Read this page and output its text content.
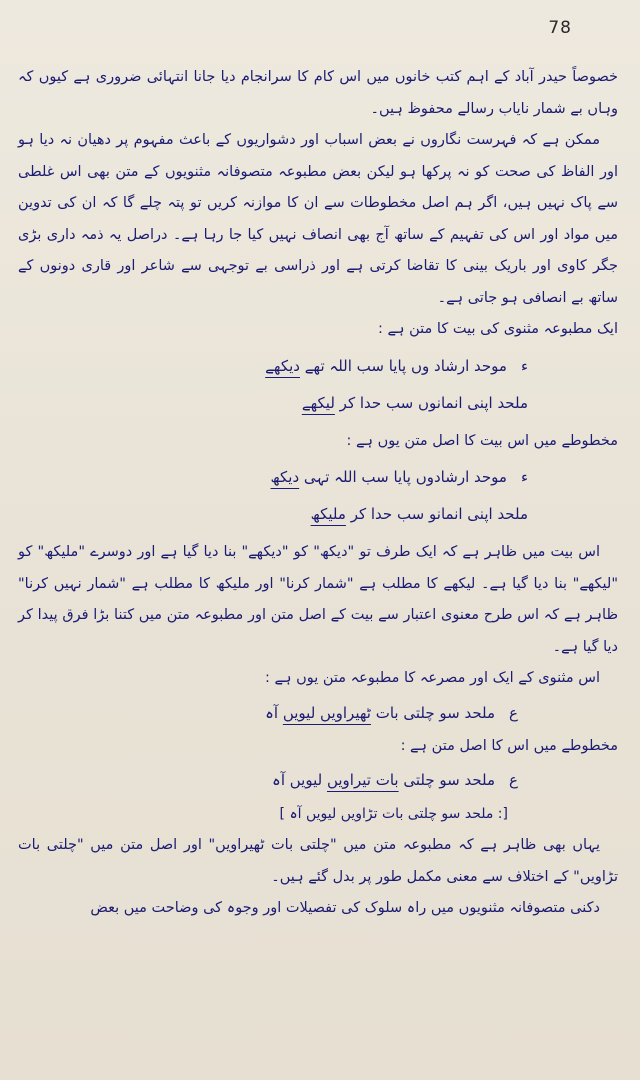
78

خصوصاً حیدر آباد کے اہم کتب خانوں میں اس کام کا سرانجام دیا جانا انتہائی ضروری ہے کیوں کہ وہاں بے شمار نایاب رسالے محفوظ ہیں۔

ممکن ہے کہ فہرست نگاروں نے بعض اسباب اور دشواریوں کے باعث مفہوم پر دھیان نہ دیا ہو اور الفاظ کی صحت کو نہ پرکھا ہو لیکن بعض مطبوعہ متصوفانہ مثنویوں کے متن بھی اس غلطی سے پاک نہیں ہیں، اگر ہم اصل مخطوطات سے ان کا موازنہ کریں تو پتہ چلے گا کہ ان کی تدوین میں مواد اور اس کی تفہیم کے ساتھ آج بھی انصاف نہیں کیا جا رہا ہے۔ دراصل یہ ذمہ داری بڑی جگر کاوی اور باریک بینی کا تقاضا کرتی ہے اور ذراسی بے توجہی سے شاعر اور قاری دونوں کے ساتھ بے انصافی ہو جاتی ہے۔

ایک مطبوعہ مثنوی کی بیت کا متن ہے :

ءموحد ارشاد وں پایا سب اللہ تھے دیکھے

ملحد اپنی انمانوں سب حدا کر لیکھے

مخطوطے میں اس بیت کا اصل متن یوں ہے :

ءموحد ارشادوں پایا سب اللہ تہی دیکھ

ملحد اپنی انمانو سب حدا کر ملیکھ

اس بیت میں ظاہر ہے کہ ایک طرف تو "دیکھ" کو "دیکھے" بنا دیا گیا ہے اور دوسرے "ملیکھ" کو "لیکھے" بنا دیا گیا ہے۔ لیکھے کا مطلب ہے "شمار کرنا" اور ملیکھ کا مطلب ہے "شمار نہیں کرنا" ظاہر ہے کہ اس طرح معنوی اعتبار سے بیت کے اصل متن اور مطبوعہ متن میں کتنا بڑا فرق پیدا کر دیا گیا ہے۔

اس مثنوی کے ایک اور مصرعہ کا مطبوعہ متن یوں ہے :

عملحد سو چلتی بات ٹھیراویں لیویں آہ

مخطوطے میں اس کا اصل متن ہے :

عملحد سو چلتی بات تیراویں لیویں آہ

[: ملحد سو چلتی بات تڑاویں لیویں آہ ]

یہاں بھی ظاہر ہے کہ مطبوعہ متن میں "چلتی بات ٹھیراویں" اور اصل متن میں "چلتی بات تڑاویں" کے اختلاف سے معنی مکمل طور پر بدل گئے ہیں۔

دکنی متصوفانہ مثنویوں میں راہ سلوک کی تفصیلات اور وجوہ کی وضاحت میں بعض
